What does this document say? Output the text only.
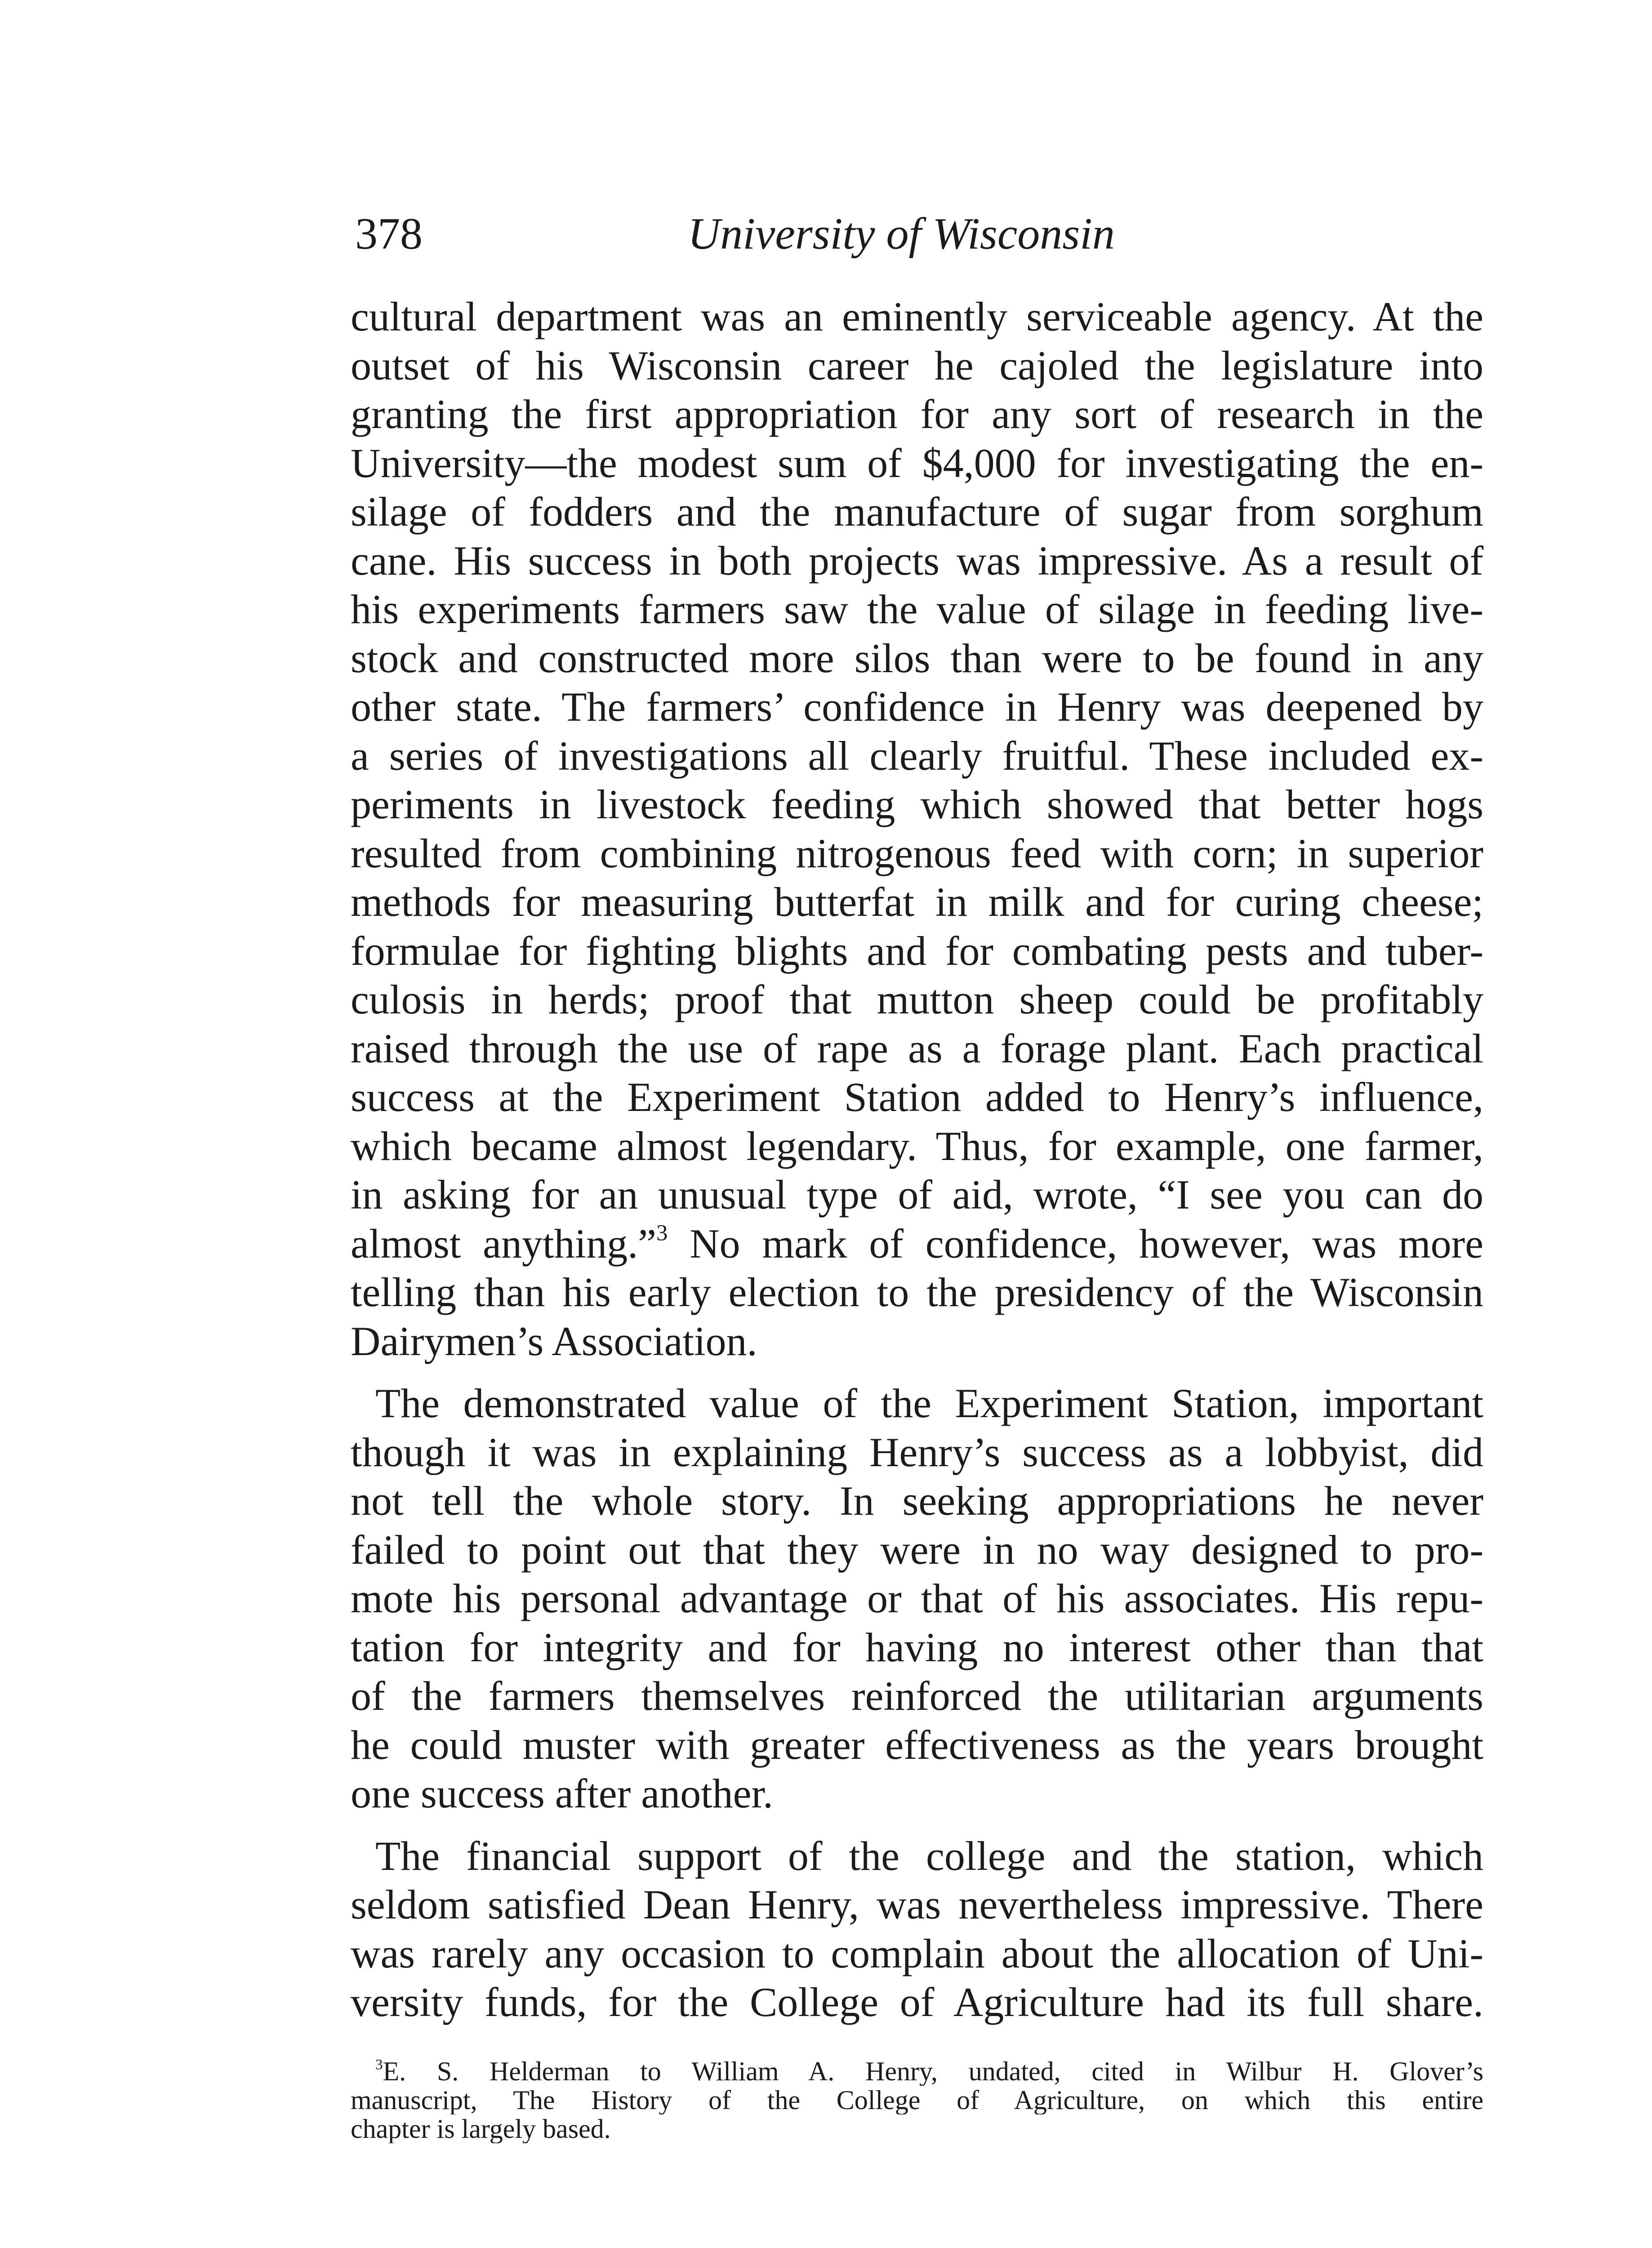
378	University of Wisconsin
cultural department was an eminently serviceable agency. At the
outset of his Wisconsin career he cajoled the legislature into
granting the first appropriation for any sort of research in the
University—the modest sum of $4,000 for investigating the en-
silage of fodders and the manufacture of sugar from sorghum
cane. His success in both projects was impressive. As a result of
his experiments farmers saw the value of silage in feeding live-
stock and constructed more silos than were to be found in any
other state. The farmers’ confidence in Henry was deepened by
a series of investigations all clearly fruitful. These included ex-
periments in livestock feeding which showed that better hogs
resulted from combining nitrogenous feed with corn; in superior
methods for measuring butterfat in milk and for curing cheese;
formulae for fighting blights and for combating pests and tuber-
culosis in herds; proof that mutton sheep could be profitably
raised through the use of rape as a forage plant. Each practical
success at the Experiment Station added to Henry’s influence,
which became almost legendary. Thus, for example, one farmer,
in asking for an unusual type of aid, wrote, “I see you can do
almost anything.”$^3$ No mark of confidence, however, was more
telling than his early election to the presidency of the Wisconsin
Dairymen’s Association.
The demonstrated value of the Experiment Station, important
though it was in explaining Henry’s success as a lobbyist, did
not tell the whole story. In seeking appropriations he never
failed to point out that they were in no way designed to pro-
mote his personal advantage or that of his associates. His repu-
tation for integrity and for having no interest other than that
of the farmers themselves reinforced the utilitarian arguments
he could muster with greater effectiveness as the years brought
one success after another.
The financial support of the college and the station, which
seldom satisfied Dean Henry, was nevertheless impressive. There
was rarely any occasion to complain about the allocation of Uni-
versity funds, for the College of Agriculture had its full share.
$^3$E. S. Helderman to William A. Henry, undated, cited in Wilbur H. Glover’s
manuscript, The History of the College of Agriculture, on which this entire
chapter is largely based.
